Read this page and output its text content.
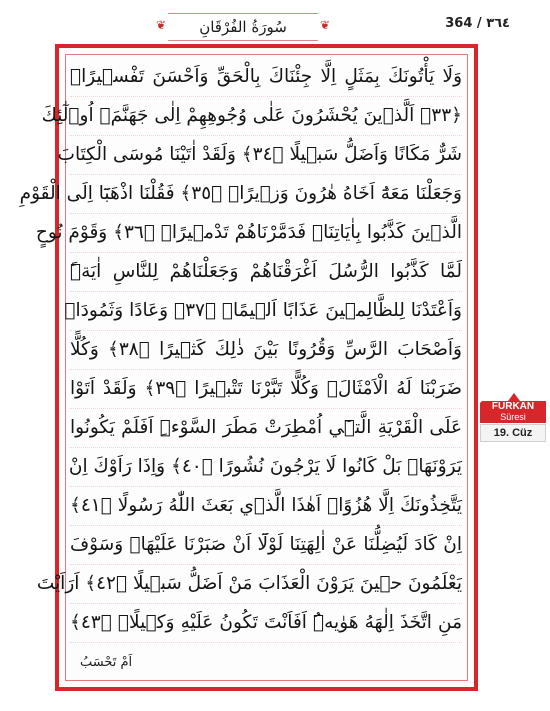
❦	سُورَةُ الفُرْقَانِ	❦	364 / ٣٦٤

وَلَا يَأْتُونَكَ بِمَثَلٍ اِلَّا جِئْنَاكَ بِالْحَقِّ وَاَحْسَنَ تَفْس۪يرًاۜ

﴿٣٣﴾ اَلَّذ۪ينَ يُحْشَرُونَ عَلٰى وُجُوهِهِمْ اِلٰى جَهَنَّمَۙ اُو۬لٰٓئِكَ

شَرٌّ مَكَانًا وَاَضَلُّ سَب۪يلًا ﴿٣٤﴾ وَلَقَدْ اٰتَيْنَا مُوسَى الْكِتَابَ

وَجَعَلْنَا مَعَهُٓ اَخَاهُ هٰرُونَ وَز۪يرًاۚ ﴿٣٥﴾ فَقُلْنَا اذْهَبَٓا اِلَى الْقَوْمِ

الَّذ۪ينَ كَذَّبُوا بِاٰيَاتِنَاۜ فَدَمَّرْنَاهُمْ تَدْم۪يرًاۜ ﴿٣٦﴾ وَقَوْمَ نُوحٍ

لَمَّا كَذَّبُوا الرُّسُلَ اَغْرَقْنَاهُمْ وَجَعَلْنَاهُمْ لِلنَّاسِ اٰيَةًۜ

وَاَعْتَدْنَا لِلظَّالِم۪ينَ عَذَابًا اَل۪يمًاۚ ﴿٣٧﴾ وَعَادًا وَثَمُودَا۬

وَاَصْحَابَ الرَّسِّ وَقُرُونًا بَيْنَ ذٰلِكَ كَث۪يرًا ﴿٣٨﴾ وَكُلًّا

ضَرَبْنَا لَهُ الْاَمْثَالَۘ وَكُلًّا تَبَّرْنَا تَتْب۪يرًا ﴿٣٩﴾ وَلَقَدْ اَتَوْا

عَلَى الْقَرْيَةِ الَّت۪ٓي اُمْطِرَتْ مَطَرَ السَّوْءِۜ اَفَلَمْ يَكُونُوا

يَرَوْنَهَاۚ بَلْ كَانُوا لَا يَرْجُونَ نُشُورًا ﴿٤٠﴾ وَاِذَا رَاَوْكَ اِنْ

يَتَّخِذُونَكَ اِلَّا هُزُوًاۜ اَهٰذَا الَّذ۪ي بَعَثَ اللّٰهُ رَسُولًا ﴿٤١﴾

اِنْ كَادَ لَيُضِلُّنَا عَنْ اٰلِهَتِنَا لَوْلَٓا اَنْ صَبَرْنَا عَلَيْهَاۜ وَسَوْفَ

يَعْلَمُونَ ح۪ينَ يَرَوْنَ الْعَذَابَ مَنْ اَضَلُّ سَب۪يلًا ﴿٤٢﴾ اَرَاَيْتَ

مَنِ اتَّخَذَ اِلٰهَهُ هَوٰيهُۜ اَفَاَنْتَ تَكُونُ عَلَيْهِ وَك۪يلًاۙ ﴿٤٣﴾

اَمْ تَحْسَبُ
FURKÂN
Süresi
19. Cüz
